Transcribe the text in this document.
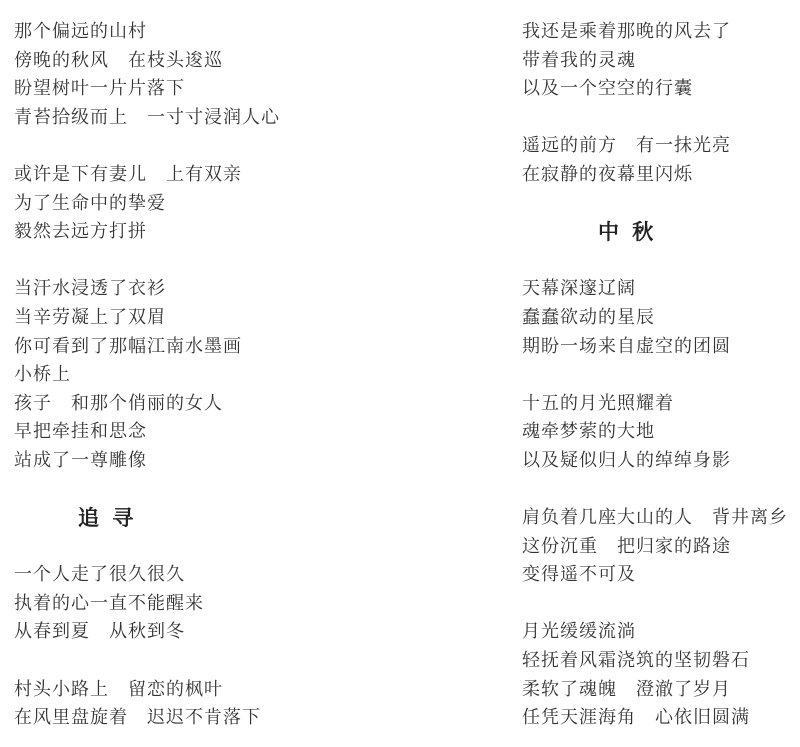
那个偏远的山村
傍晚的秋风　在枝头逡巡
盼望树叶一片片落下
青苔拾级而上　一寸寸浸润人心
或许是下有妻儿　上有双亲
为了生命中的挚爱
毅然去远方打拼
当汗水浸透了衣衫
当辛劳凝上了双眉
你可看到了那幅江南水墨画
小桥上
孩子　和那个俏丽的女人
早把牵挂和思念
站成了一尊雕像
追 寻
一个人走了很久很久
执着的心一直不能醒来
从春到夏　从秋到冬
村头小路上　留恋的枫叶
在风里盘旋着　迟迟不肯落下
我还是乘着那晚的风去了
带着我的灵魂
以及一个空空的行囊
遥远的前方　有一抹光亮
在寂静的夜幕里闪烁
中 秋
天幕深邃辽阔
蠢蠢欲动的星辰
期盼一场来自虚空的团圆
十五的月光照耀着
魂牵梦萦的大地
以及疑似归人的绰绰身影
肩负着几座大山的人　背井离乡
这份沉重　把归家的路途
变得遥不可及
月光缓缓流淌
轻抚着风霜浇筑的坚韧磐石
柔软了魂魄　澄澈了岁月
任凭天涯海角　心依旧圆满
